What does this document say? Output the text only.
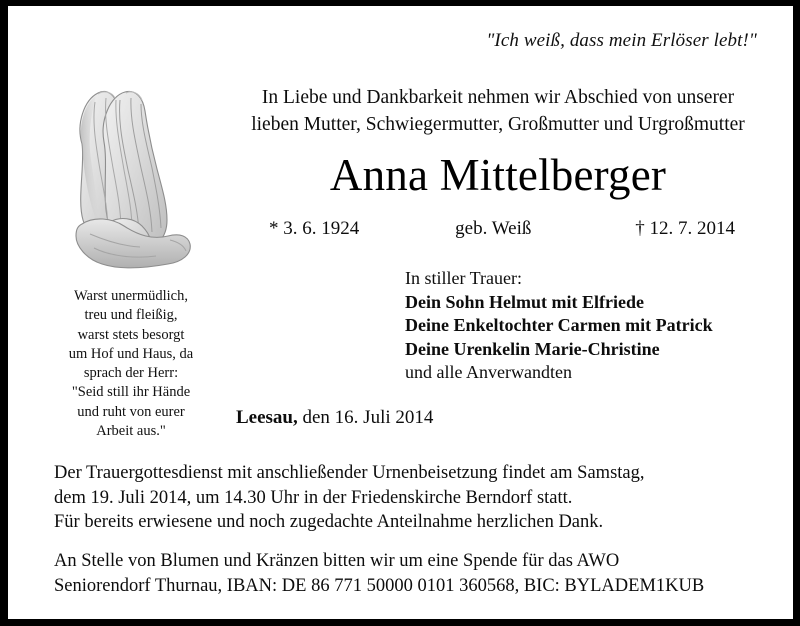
"Ich weiß, dass mein Erlöser lebt!"
In Liebe und Dankbarkeit nehmen wir Abschied von unserer
lieben Mutter, Schwiegermutter, Großmutter und Urgroßmutter
Anna Mittelberger
* 3. 6. 1924	geb. Weiß	† 12. 7. 2014
Warst unermüdlich,
treu und fleißig,
warst stets besorgt
um Hof und Haus, da
sprach der Herr:
"Seid still ihr Hände
und ruht von eurer
Arbeit aus."
In stiller Trauer:
Dein Sohn Helmut mit Elfriede
Deine Enkeltochter Carmen mit Patrick
Deine Urenkelin Marie-Christine
und alle Anverwandten
Leesau, den 16. Juli 2014
Der Trauergottesdienst mit anschließender Urnenbeisetzung findet am Samstag,
dem 19. Juli 2014, um 14.30 Uhr in der Friedenskirche Berndorf statt.
Für bereits erwiesene und noch zugedachte Anteilnahme herzlichen Dank.
An Stelle von Blumen und Kränzen bitten wir um eine Spende für das AWO
Seniorendorf Thurnau, IBAN: DE 86 771 50000 0101 360568, BIC: BYLADEM1KUB
